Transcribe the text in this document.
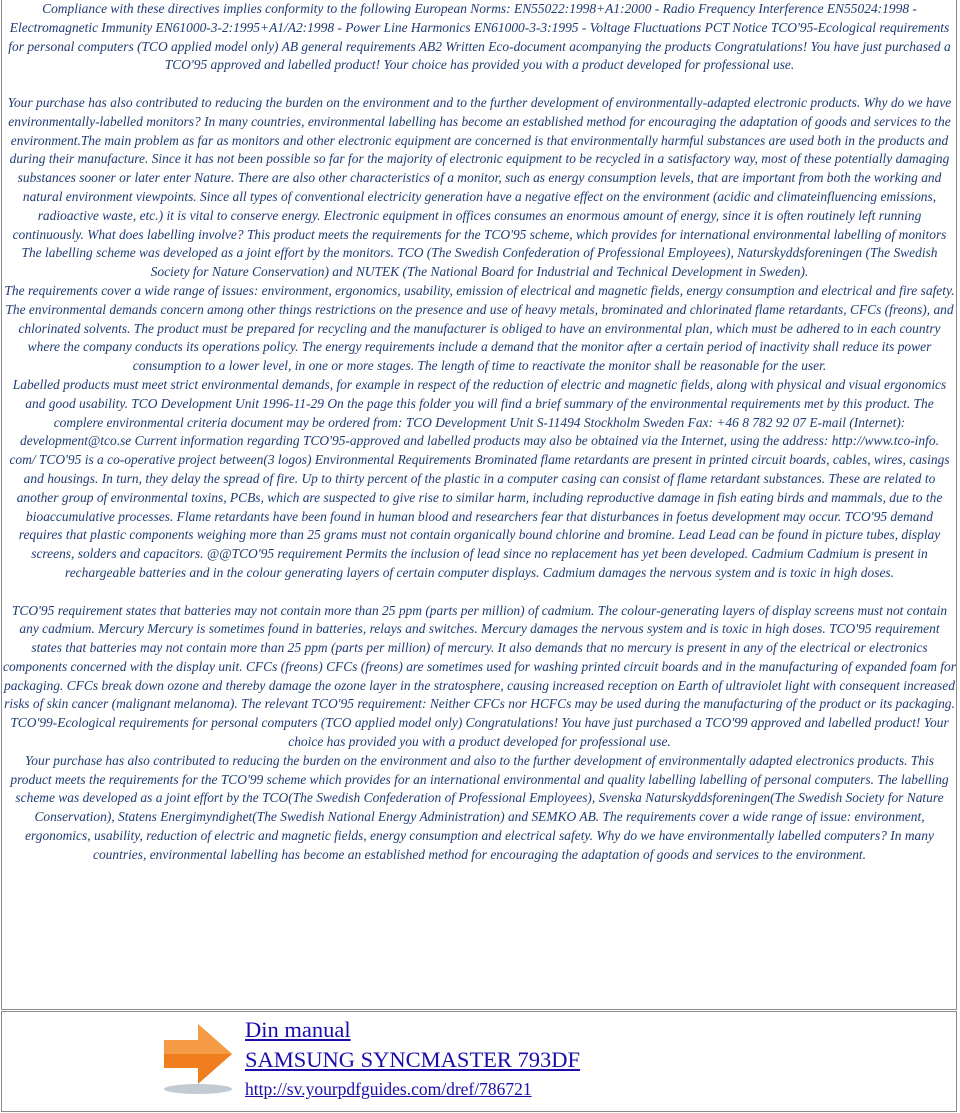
Compliance with these directives implies conformity to the following European Norms: EN55022:1998+A1:2000 - Radio Frequency Interference EN55024:1998 - Electromagnetic Immunity EN61000-3-2:1995+A1/A2:1998 - Power Line Harmonics EN61000-3-3:1995 - Voltage Fluctuations PCT Notice TCO'95-Ecological requirements for personal computers (TCO applied model only) AB general requirements AB2 Written Eco-document acompanying the products Congratulations! You have just purchased a TCO'95 approved and labelled product! Your choice has provided you with a product developed for professional use.

Your purchase has also contributed to reducing the burden on the environment and to the further development of environmentally-adapted electronic products. Why do we have environmentally-labelled monitors? In many countries, environmental labelling has become an established method for encouraging the adaptation of goods and services to the environment.The main problem as far as monitors and other electronic equipment are concerned is that environmentally harmful substances are used both in the products and during their manufacture. Since it has not been possible so far for the majority of electronic equipment to be recycled in a satisfactory way, most of these potentially damaging substances sooner or later enter Nature. There are also other characteristics of a monitor, such as energy consumption levels, that are important from both the working and natural environment viewpoints. Since all types of conventional electricity generation have a negative effect on the environment (acidic and climateinfluencing emissions, radioactive waste, etc.) it is vital to conserve energy. Electronic equipment in offices consumes an enormous amount of energy, since it is often routinely left running continuously. What does labelling involve? This product meets the requirements for the TCO'95 scheme, which provides for international environmental labelling of monitors The labelling scheme was developed as a joint effort by the monitors. TCO (The Swedish Confederation of Professional Employees), Naturskyddsforeningen (The Swedish Society for Nature Conservation) and NUTEK (The National Board for Industrial and Technical Development in Sweden).

The requirements cover a wide range of issues: environment, ergonomics, usability, emission of electrical and magnetic fields, energy consumption and electrical and fire safety. The environmental demands concern among other things restrictions on the presence and use of heavy metals, brominated and chlorinated flame retardants, CFCs (freons), and chlorinated solvents. The product must be prepared for recycling and the manufacturer is obliged to have an environmental plan, which must be adhered to in each country where the company conducts its operations policy. The energy requirements include a demand that the monitor after a certain period of inactivity shall reduce its power consumption to a lower level, in one or more stages. The length of time to reactivate the monitor shall be reasonable for the user.

Labelled products must meet strict environmental demands, for example in respect of the reduction of electric and magnetic fields, along with physical and visual ergonomics and good usability. TCO Development Unit 1996-11-29 On the page this folder you will find a brief summary of the environmental requirements met by this product. The complere environmental criteria document may be ordered from: TCO Development Unit S-11494 Stockholm Sweden Fax: +46 8 782 92 07 E-mail (Internet): development@tco.se Current information regarding TCO'95-approved and labelled products may also be obtained via the Internet, using the address: http://www.tco-info.

com/ TCO'95 is a co-operative project between(3 logos) Environmental Requirements Brominated flame retardants are present in printed circuit boards, cables, wires, casings and housings. In turn, they delay the spread of fire. Up to thirty percent of the plastic in a computer casing can consist of flame retardant substances. These are related to another group of environmental toxins, PCBs, which are suspected to give rise to similar harm, including reproductive damage in fish eating birds and mammals, due to the bioaccumulative processes. Flame retardants have been found in human blood and researchers fear that disturbances in foetus development may occur. TCO'95 demand requires that plastic components weighing more than 25 grams must not contain organically bound chlorine and bromine. Lead Lead can be found in picture tubes, display screens, solders and capacitors. @@TCO'95 requirement Permits the inclusion of lead since no replacement has yet been developed. Cadmium Cadmium is present in rechargeable batteries and in the colour generating layers of certain computer displays. Cadmium damages the nervous system and is toxic in high doses.

TCO'95 requirement states that batteries may not contain more than 25 ppm (parts per million) of cadmium. The colour-generating layers of display screens must not contain any cadmium. Mercury Mercury is sometimes found in batteries, relays and switches. Mercury damages the nervous system and is toxic in high doses. TCO'95 requirement states that batteries may not contain more than 25 ppm (parts per million) of mercury. It also demands that no mercury is present in any of the electrical or electronics components concerned with the display unit. CFCs (freons) CFCs (freons) are sometimes used for washing printed circuit boards and in the manufacturing of expanded foam for packaging. CFCs break down ozone and thereby damage the ozone layer in the stratosphere, causing increased reception on Earth of ultraviolet light with consequent increased risks of skin cancer (malignant melanoma). The relevant TCO'95 requirement: Neither CFCs nor HCFCs may be used during the manufacturing of the product or its packaging. TCO'99-Ecological requirements for personal computers (TCO applied model only) Congratulations! You have just purchased a TCO'99 approved and labelled product! Your choice has provided you with a product developed for professional use.

Your purchase has also contributed to reducing the burden on the environment and also to the further development of environmentally adapted electronics products. This product meets the requirements for the TCO'99 scheme which provides for an international environmental and quality labelling labelling of personal computers. The labelling scheme was developed as a joint effort by the TCO(The Swedish Confederation of Professional Employees), Svenska Naturskyddsforeningen(The Swedish Society for Nature Conservation), Statens Energimyndighet(The Swedish National Energy Administration) and SEMKO AB. The requirements cover a wide range of issue: environment, ergonomics, usability, reduction of electric and magnetic fields, energy consumption and electrical safety. Why do we have environmentally labelled computers? In many countries, environmental labelling has become an established method for encouraging the adaptation of goods and services to the environment.

Din manual
SAMSUNG SYNCMASTER 793DF
http://sv.yourpdfguides.com/dref/786721
